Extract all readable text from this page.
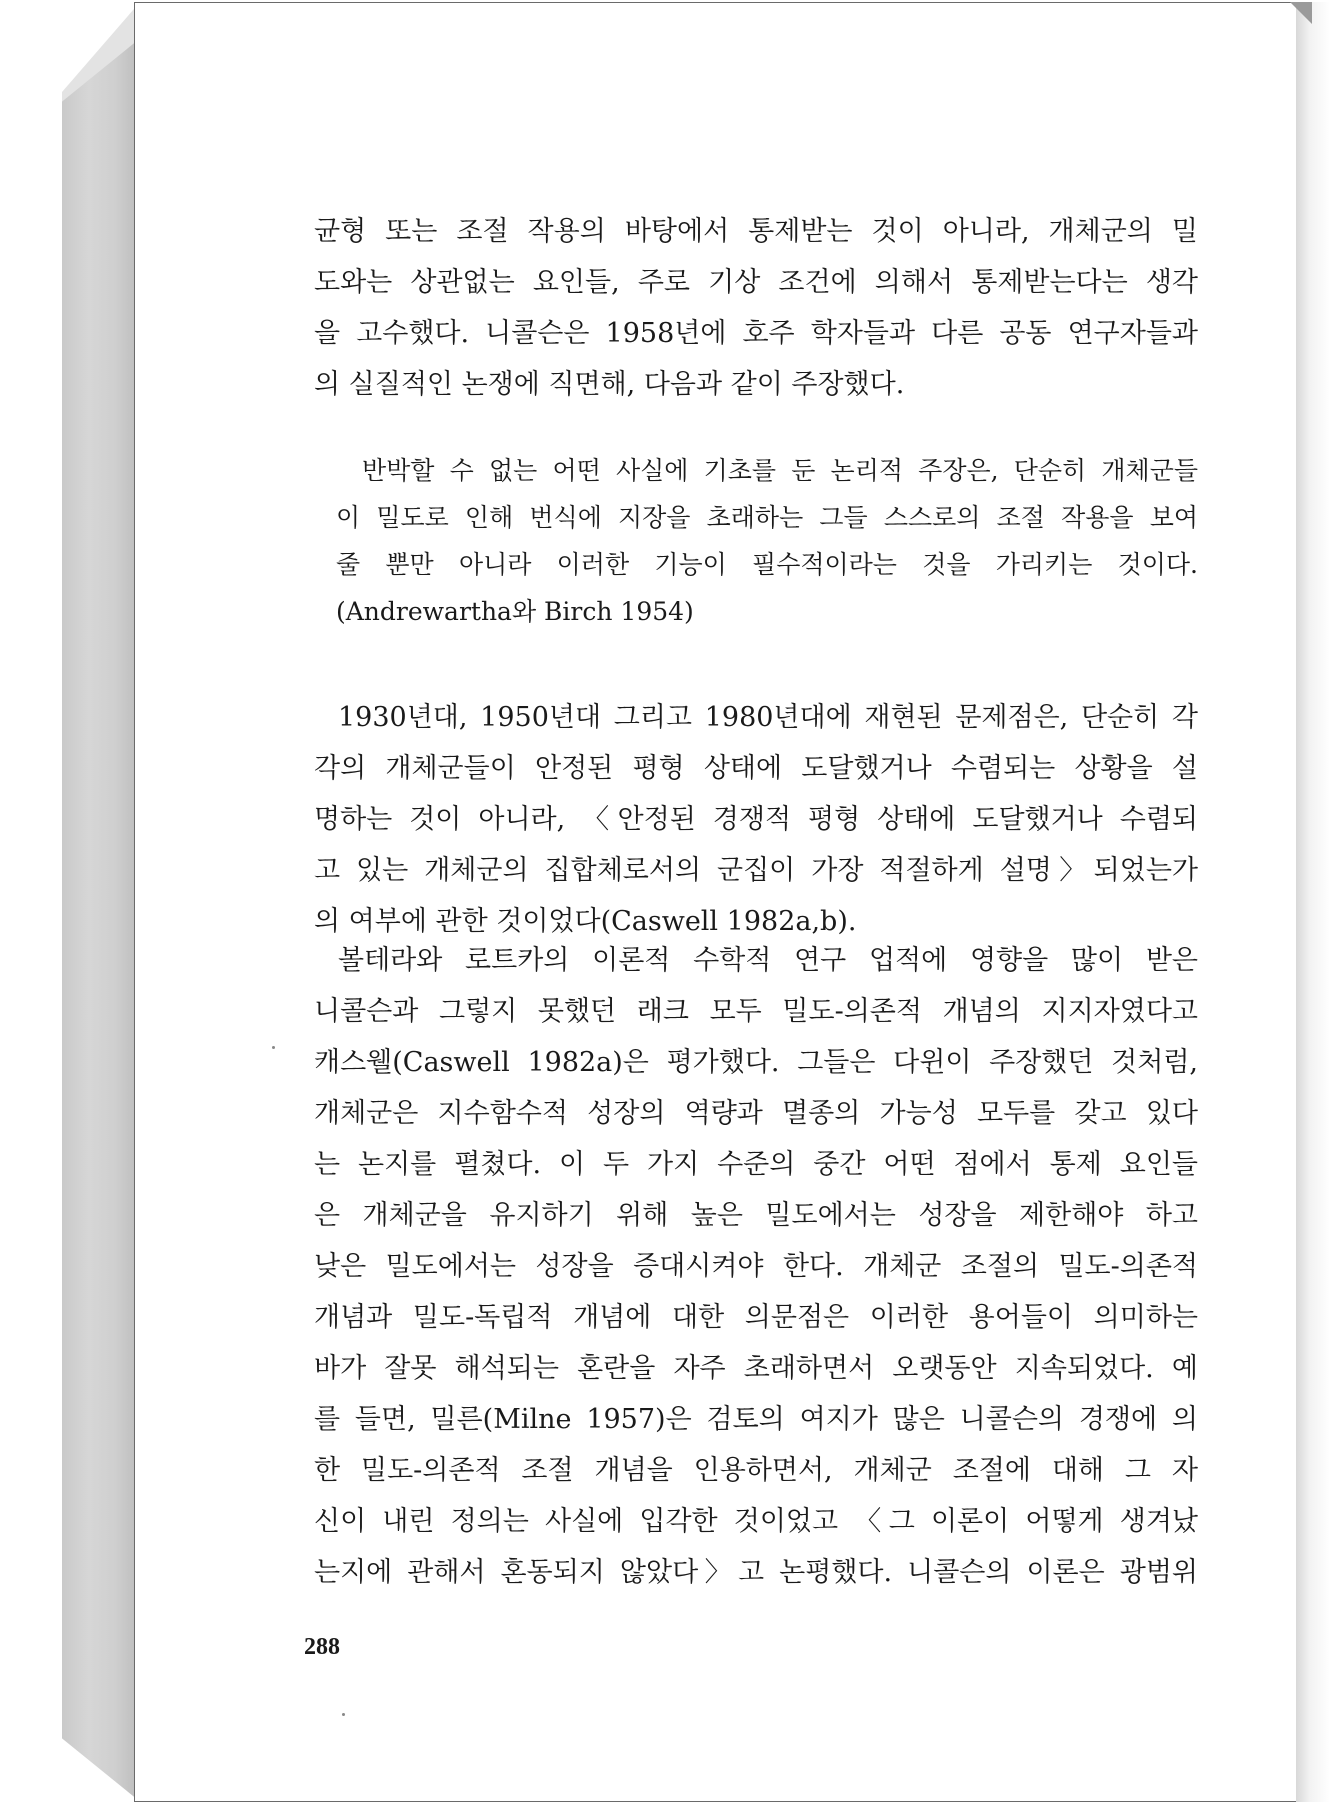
균형 또는 조절 작용의 바탕에서 통제받는 것이 아니라, 개체군의 밀
도와는 상관없는 요인들, 주로 기상 조건에 의해서 통제받는다는 생각
을 고수했다. 니콜슨은 1958년에 호주 학자들과 다른 공동 연구자들과
의 실질적인 논쟁에 직면해, 다음과 같이 주장했다.
반박할 수 없는 어떤 사실에 기초를 둔 논리적 주장은, 단순히 개체군들
이 밀도로 인해 번식에 지장을 초래하는 그들 스스로의 조절 작용을 보여
줄 뿐만 아니라 이러한 기능이 필수적이라는 것을 가리키는 것이다.
(Andrewartha와 Birch 1954)
1930년대, 1950년대 그리고 1980년대에 재현된 문제점은, 단순히 각
각의 개체군들이 안정된 평형 상태에 도달했거나 수렴되는 상황을 설
명하는 것이 아니라, 〈안정된 경쟁적 평형 상태에 도달했거나 수렴되
고 있는 개체군의 집합체로서의 군집이 가장 적절하게 설명〉되었는가
의 여부에 관한 것이었다(Caswell 1982a,b).
볼테라와 로트카의 이론적 수학적 연구 업적에 영향을 많이 받은
니콜슨과 그렇지 못했던 래크 모두 밀도-의존적 개념의 지지자였다고
캐스웰(Caswell 1982a)은 평가했다. 그들은 다윈이 주장했던 것처럼,
개체군은 지수함수적 성장의 역량과 멸종의 가능성 모두를 갖고 있다
는 논지를 펼쳤다. 이 두 가지 수준의 중간 어떤 점에서 통제 요인들
은 개체군을 유지하기 위해 높은 밀도에서는 성장을 제한해야 하고
낮은 밀도에서는 성장을 증대시켜야 한다. 개체군 조절의 밀도-의존적
개념과 밀도-독립적 개념에 대한 의문점은 이러한 용어들이 의미하는
바가 잘못 해석되는 혼란을 자주 초래하면서 오랫동안 지속되었다. 예
를 들면, 밀른(Milne 1957)은 검토의 여지가 많은 니콜슨의 경쟁에 의
한 밀도-의존적 조절 개념을 인용하면서, 개체군 조절에 대해 그 자
신이 내린 정의는 사실에 입각한 것이었고 〈그 이론이 어떻게 생겨났
는지에 관해서 혼동되지 않았다〉고 논평했다. 니콜슨의 이론은 광범위
288
